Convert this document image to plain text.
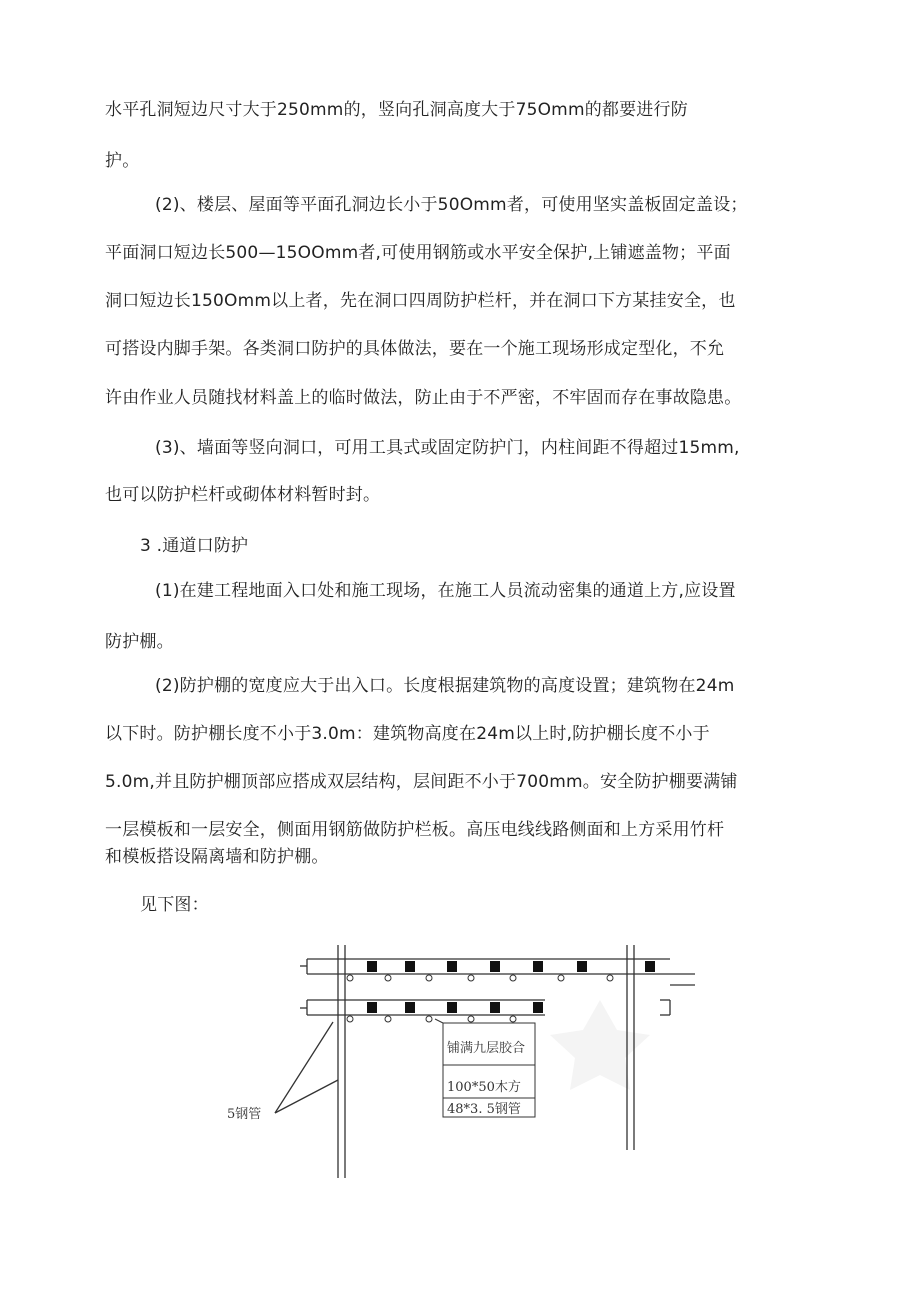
水平孔洞短边尺寸大于250mm的，竖向孔洞高度大于75Omm的都要进行防
护。
(2)、楼层、屋面等平面孔洞边长小于50Omm者，可使用坚实盖板固定盖设；
平面洞口短边长500—15OOmm者,可使用钢筋或水平安全保护,上铺遮盖物；平面
洞口短边长150Omm以上者，先在洞口四周防护栏杆，并在洞口下方某挂安全，也
可搭设内脚手架。各类洞口防护的具体做法，要在一个施工现场形成定型化，不允
许由作业人员随找材料盖上的临时做法，防止由于不严密，不牢固而存在事故隐患。
(3)、墙面等竖向洞口，可用工具式或固定防护门，内柱间距不得超过15mm,
也可以防护栏杆或砌体材料暂时封。
3 .通道口防护
(1)在建工程地面入口处和施工现场，在施工人员流动密集的通道上方,应设置
防护棚。
(2)防护棚的宽度应大于出入口。长度根据建筑物的高度设置；建筑物在24m
以下时。防护棚长度不小于3.0m：建筑物高度在24m以上时,防护棚长度不小于
5.0m,并且防护棚顶部应搭成双层结构，层间距不小于700mm。安全防护棚要满铺
一层模板和一层安全，侧面用钢筋做防护栏板。高压电线线路侧面和上方采用竹杆
和模板搭设隔离墙和防护棚。
见下图：
铺满九层胶合
100*50木方
48*3. 5钢管
5钢管
